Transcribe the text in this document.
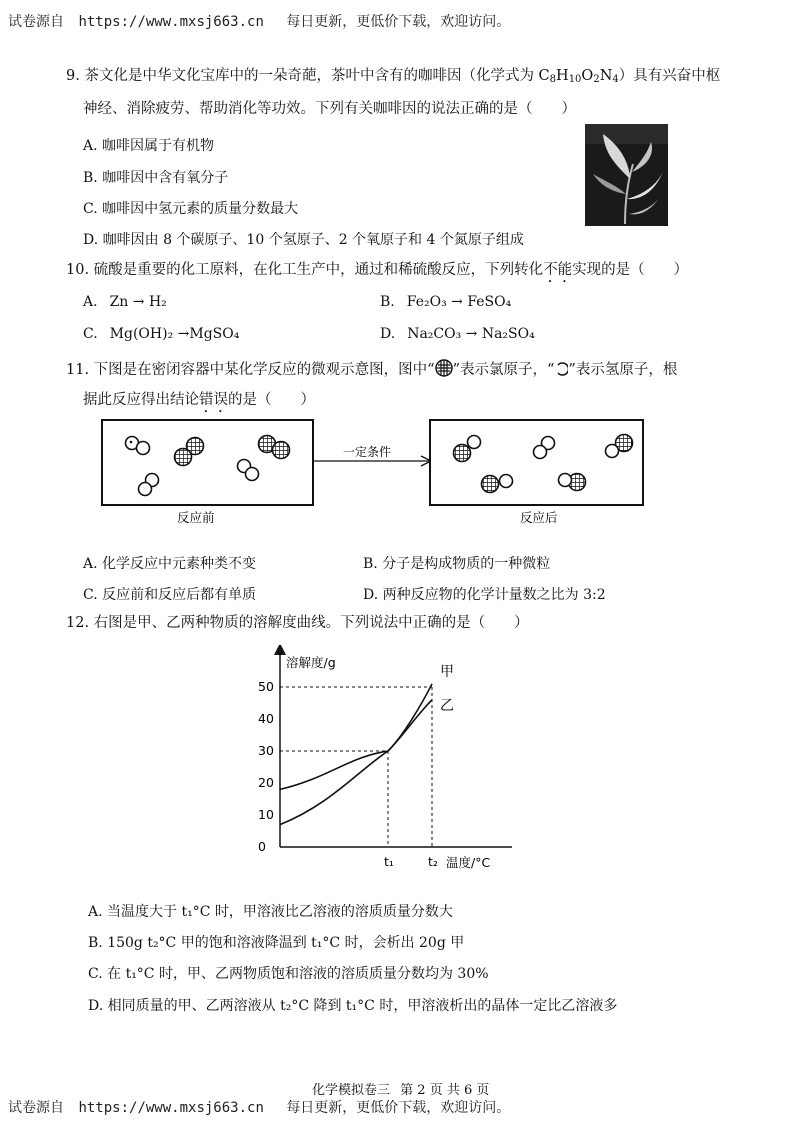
试卷源自 https://www.mxsj663.cn 每日更新，更低价下载，欢迎访问。
9. 茶文化是中华文化宝库中的一朵奇葩，茶叶中含有的咖啡因（化学式为 $C_8H_{10}O_2N_4$）具有兴奋中枢
神经、消除疲劳、帮助消化等功效。下列有关咖啡因的说法正确的是（　　）
A. 咖啡因属于有机物
B. 咖啡因中含有氧分子
C. 咖啡因中氢元素的质量分数最大
D. 咖啡因由 8 个碳原子、10 个氢原子、2 个氧原子和 4 个氮原子组成
10. 硫酸是重要的化工原料，在化工生产中，通过和稀硫酸反应，下列转化不能实现的是（　　）
A. Zn → H₂	B. Fe₂O₃ → FeSO₄
C. Mg(OH)₂ →MgSO₄	D. Na₂CO₃ → Na₂SO₄
11. 下图是在密闭容器中某化学反应的微观示意图，图中“ ”表示氯原子，“ ”表示氢原子，根
据此反应得出结论错误的是（　　）
一定条件
反应前	反应后
A. 化学反应中元素种类不变	B. 分子是构成物质的一种微粒
C. 反应前和反应后都有单质	D. 两种反应物的化学计量数之比为 3:2
12. 右图是甲、乙两种物质的溶解度曲线。下列说法中正确的是（　　）
溶解度/g
温度/°C
0
10
20
30
40
50
t₁	t₂
甲
乙
A. 当温度大于 t₁°C 时，甲溶液比乙溶液的溶质质量分数大
B. 150g t₂°C 甲的饱和溶液降温到 t₁°C 时，会析出 20g 甲
C. 在 t₁°C 时，甲、乙两物质饱和溶液的溶质质量分数均为 30%
D. 相同质量的甲、乙两溶液从 t₂°C 降到 t₁°C 时，甲溶液析出的晶体一定比乙溶液多
化学模拟卷三 第 2 页 共 6 页
试卷源自 https://www.mxsj663.cn 每日更新，更低价下载，欢迎访问。
